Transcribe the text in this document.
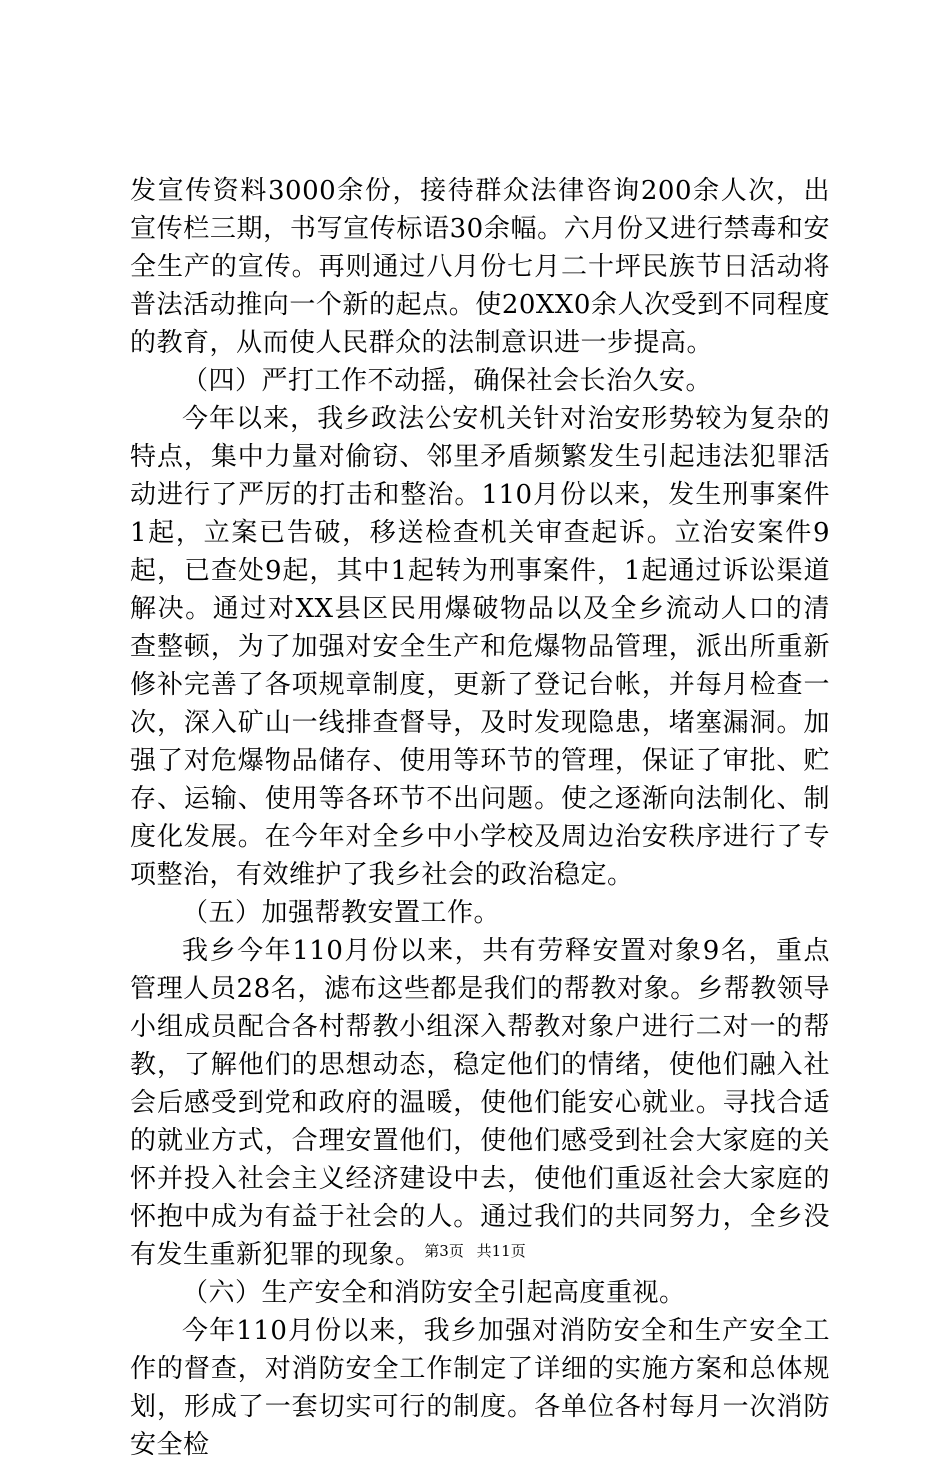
发宣传资料3000余份，接待群众法律咨询200余人次，出宣传栏三期，书写宣传标语30余幅。六月份又进行禁毒和安全生产的宣传。再则通过八月份七月二十坪民族节日活动将普法活动推向一个新的起点。使20XX0余人次受到不同程度的教育，从而使人民群众的法制意识进一步提高。

（四）严打工作不动摇，确保社会长治久安。

今年以来，我乡政法公安机关针对治安形势较为复杂的特点，集中力量对偷窃、邻里矛盾频繁发生引起违法犯罪活动进行了严厉的打击和整治。110月份以来，发生刑事案件1起，立案已告破，移送检查机关审查起诉。立治安案件9起，已查处9起，其中1起转为刑事案件，1起通过诉讼渠道解决。通过对XX县区民用爆破物品以及全乡流动人口的清查整顿，为了加强对安全生产和危爆物品管理，派出所重新修补完善了各项规章制度，更新了登记台帐，并每月检查一次，深入矿山一线排查督导，及时发现隐患，堵塞漏洞。加强了对危爆物品储存、使用等环节的管理，保证了审批、贮存、运输、使用等各环节不出问题。使之逐渐向法制化、制度化发展。在今年对全乡中小学校及周边治安秩序进行了专项整治，有效维护了我乡社会的政治稳定。

（五）加强帮教安置工作。

我乡今年110月份以来，共有劳释安置对象9名，重点管理人员28名，滤布这些都是我们的帮教对象。乡帮教领导小组成员配合各村帮教小组深入帮教对象户进行二对一的帮教，了解他们的思想动态，稳定他们的情绪，使他们融入社会后感受到党和政府的温暖，使他们能安心就业。寻找合适的就业方式，合理安置他们，使他们感受到社会大家庭的关怀并投入社会主义经济建设中去，使他们重返社会大家庭的怀抱中成为有益于社会的人。通过我们的共同努力，全乡没有发生重新犯罪的现象。

（六）生产安全和消防安全引起高度重视。

今年110月份以来，我乡加强对消防安全和生产安全工作的督查，对消防安全工作制定了详细的实施方案和总体规划，形成了一套切实可行的制度。各单位各村每月一次消防安全检

第3页 共11页
